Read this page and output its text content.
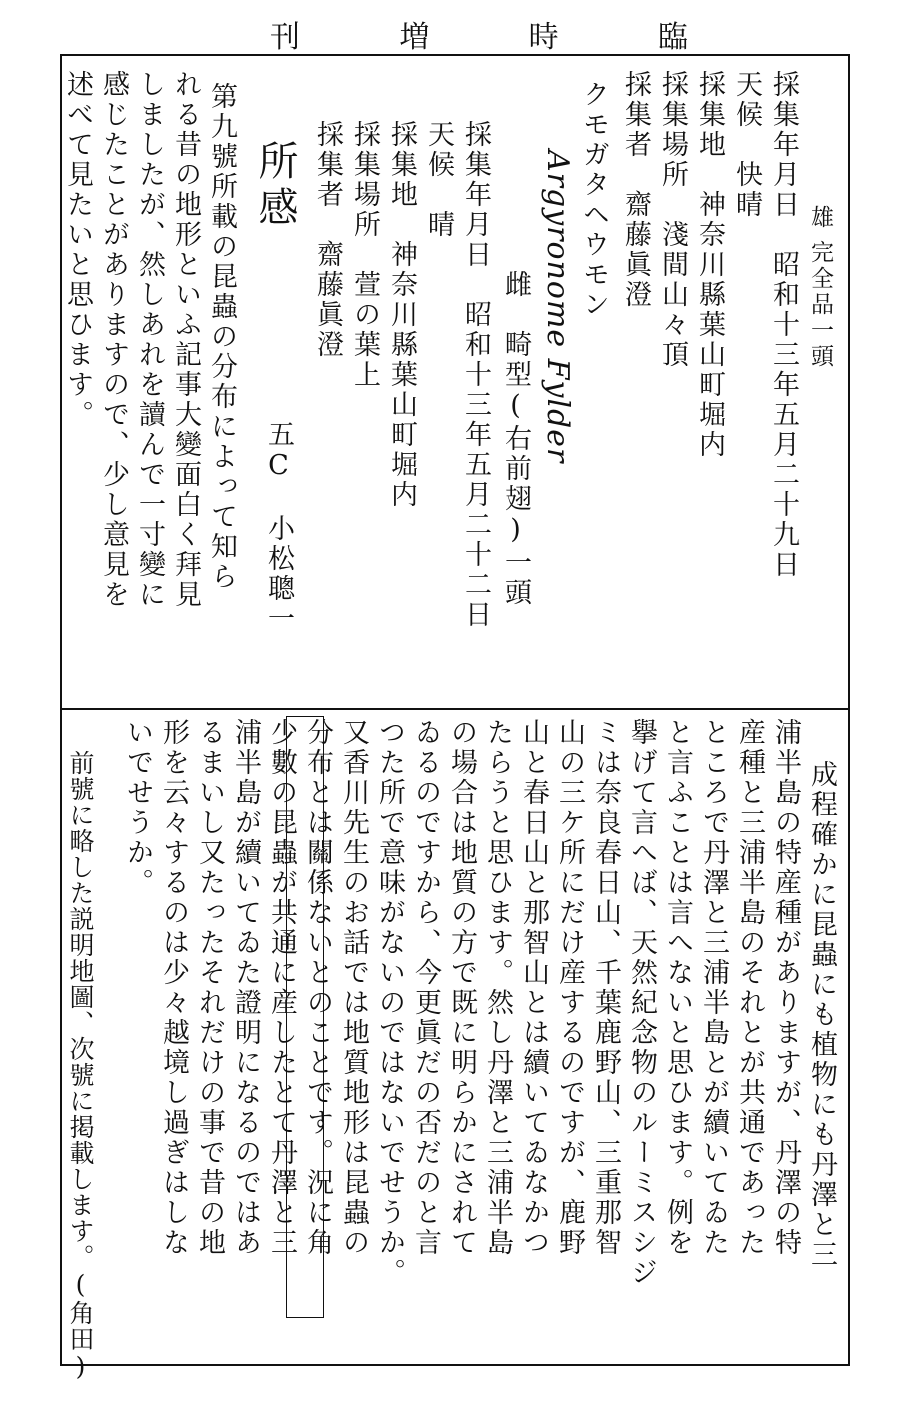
刊	増	時	臨
採集年月日　昭和十三年五月二十九日
天候　快晴
採集地　神奈川縣葉山町堀内
採集場所　淺間山々頂
採集者　齋藤眞澄
クモガタヘウモン	雄
完全品一頭
Argyronome Fylder
雌　畸型(右前翅)一頭
採集年月日　昭和十三年五月二十二日
天候　晴
採集地　神奈川縣葉山町堀内
採集場所　萱の葉上
採集者　齋藤眞澄
所感
五C　小松聰一
第九號所載の昆蟲の分布によって知ら
れる昔の地形といふ記事大變面白く拜見
しましたが、然しあれを讀んで一寸變に
感じたことがありますので、少し意見を
述べて見たいと思ひます。
成程確かに昆蟲にも植物にも丹澤と三
浦半島の特産種がありますが、丹澤の特
産種と三浦半島のそれとが共通であった
ところで丹澤と三浦半島とが續いてゐた
と言ふことは言へないと思ひます。例を
擧げて言へば、天然紀念物のルーミスシジ
ミは奈良春日山、千葉鹿野山、三重那智
山の三ケ所にだけ産するのですが、鹿野
山と春日山と那智山とは續いてゐなかつ
たらうと思ひます。然し丹澤と三浦半島
の場合は地質の方で既に明らかにされて
ゐるのですから、今更眞だの否だのと言
つた所で意味がないのではないでせうか。
又香川先生のお話では地質地形は昆蟲の
分布とは關係ないとのことです。況に角
少數の昆蟲が共通に産したとて丹澤と三
浦半島が續いてゐた證明になるのではあ
るまいし又たったそれだけの事で昔の地
形を云々するのは少々越境し過ぎはしな
いでせうか。
前號に略した説明地圖、次號に掲載します。(角田)
